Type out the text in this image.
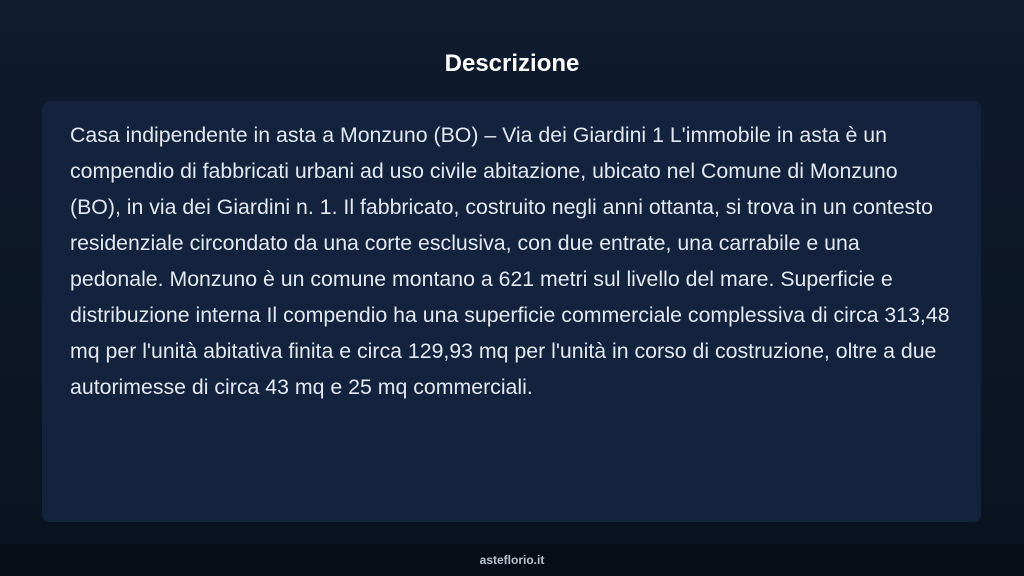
Descrizione

Casa indipendente in asta a Monzuno (BO) – Via dei Giardini 1 L'immobile in asta è un compendio di fabbricati urbani ad uso civile abitazione, ubicato nel Comune di Monzuno (BO), in via dei Giardini n. 1. Il fabbricato, costruito negli anni ottanta, si trova in un contesto residenziale circondato da una corte esclusiva, con due entrate, una carrabile e una pedonale. Monzuno è un comune montano a 621 metri sul livello del mare. Superficie e distribuzione interna Il compendio ha una superficie commerciale complessiva di circa 313,48 mq per l'unità abitativa finita e circa 129,93 mq per l'unità in corso di costruzione, oltre a due autorimesse di circa 43 mq e 25 mq commerciali.

asteflorio.it
